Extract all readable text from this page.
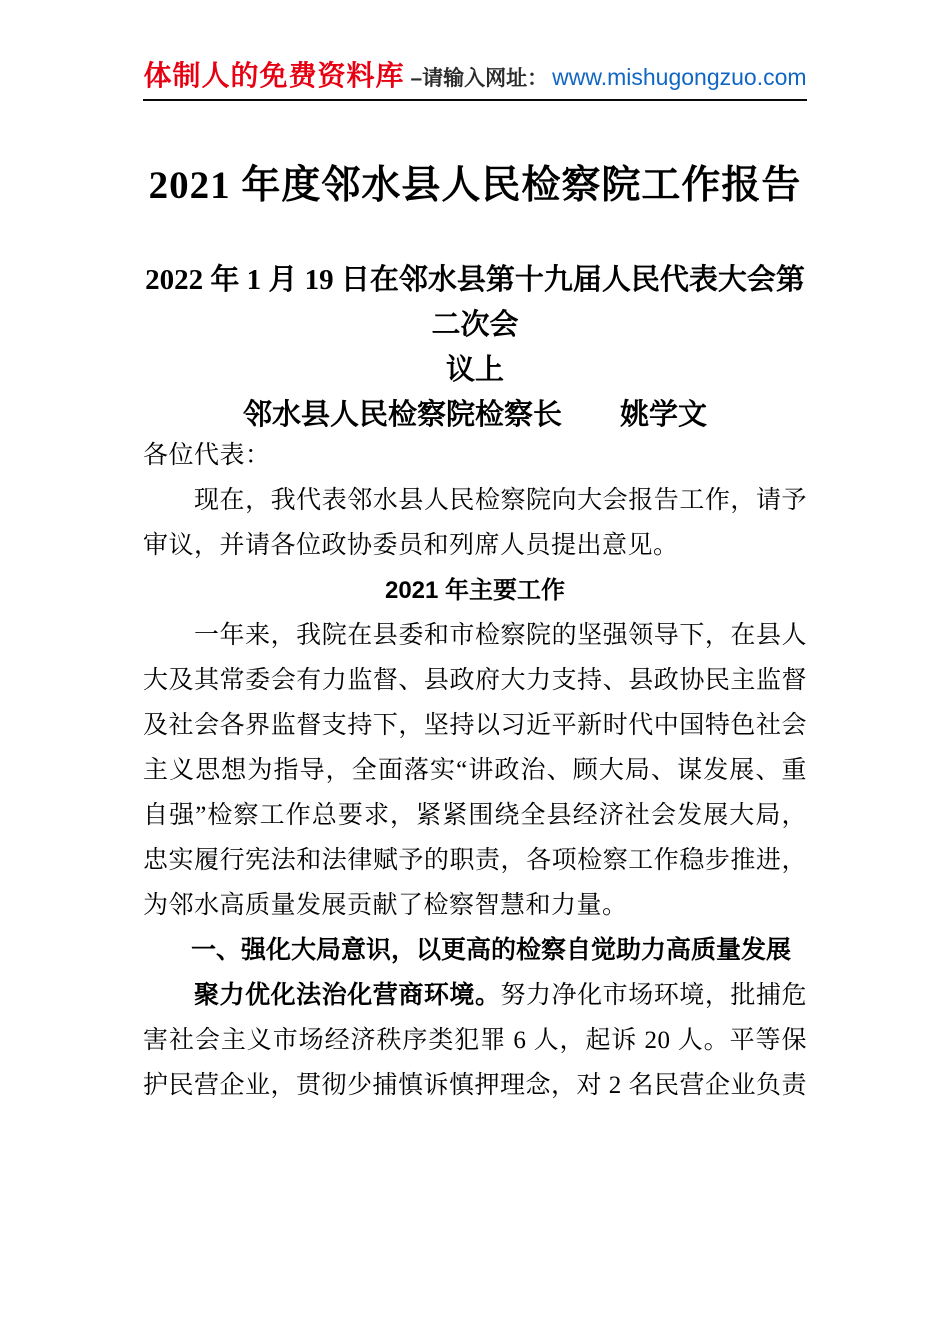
体制人的免费资料库 –请输入网址： www.mishugongzuo.com
2021 年度邻水县人民检察院工作报告
2022 年 1 月 19 日在邻水县第十九届人民代表大会第二次会
议上
邻水县人民检察院检察长　　姚学文

各位代表：

现在，我代表邻水县人民检察院向大会报告工作，请予审议，并请各位政协委员和列席人员提出意见。

2021 年主要工作

一年来，我院在县委和市检察院的坚强领导下，在县人大及其常委会有力监督、县政府大力支持、县政协民主监督及社会各界监督支持下，坚持以习近平新时代中国特色社会主义思想为指导，全面落实“讲政治、顾大局、谋发展、重自强”检察工作总要求，紧紧围绕全县经济社会发展大局，忠实履行宪法和法律赋予的职责，各项检察工作稳步推进，为邻水高质量发展贡献了检察智慧和力量。

一、强化大局意识，以更高的检察自觉助力高质量发展

聚力优化法治化营商环境。努力净化市场环境，批捕危害社会主义市场经济秩序类犯罪 6 人，起诉 20 人。平等保护民营企业，贯彻少捕慎诉慎押理念，对 2 名民营企业负责
